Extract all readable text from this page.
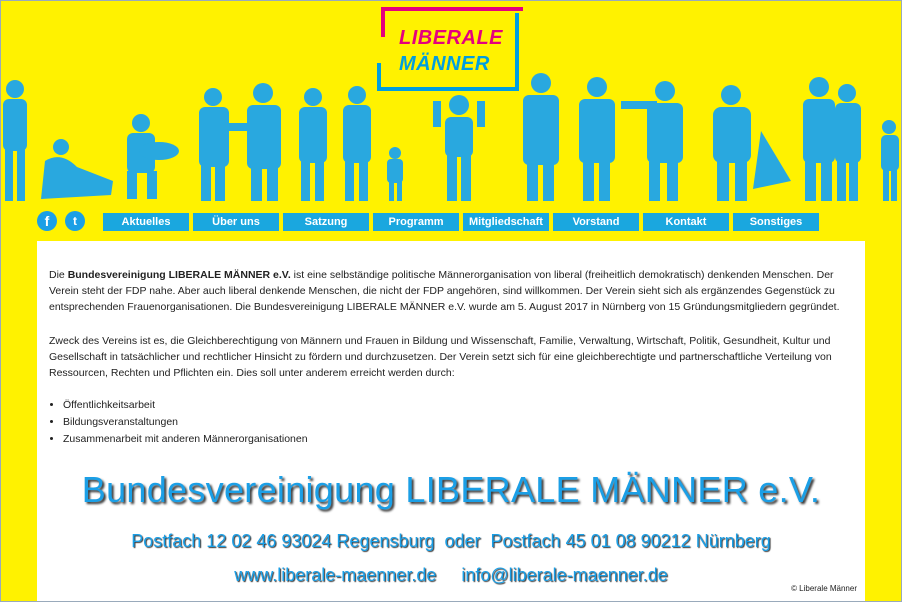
LIBERALE
MÄNNER
f	t	Aktuelles	Über uns	Satzung	Programm	Mitgliedschaft	Vorstand	Kontakt	Sonstiges
Die Bundesvereinigung LIBERALE MÄNNER e.V. ist eine selbständige politische Männerorganisation von liberal (freiheitlich demokratisch) denkenden Menschen. Der Verein steht der FDP nahe. Aber auch liberal denkende Menschen, die nicht der FDP angehören, sind willkommen. Der Verein sieht sich als ergänzendes Gegenstück zu entsprechenden Frauenorganisationen. Die Bundesvereinigung LIBERALE MÄNNER e.V. wurde am 5. August 2017 in Nürnberg von 15 Gründungsmitgliedern gegründet.
Zweck des Vereins ist es, die Gleichberechtigung von Männern und Frauen in Bildung und Wissenschaft, Familie, Verwaltung, Wirtschaft, Politik, Gesundheit, Kultur und Gesellschaft in tatsächlicher und rechtlicher Hinsicht zu fördern und durchzusetzen. Der Verein setzt sich für eine gleichberechtigte und partnerschaftliche Verteilung von Ressourcen, Rechten und Pflichten ein. Dies soll unter anderem erreicht werden durch:
• Öffentlichkeitsarbeit
• Bildungsveranstaltungen
• Zusammenarbeit mit anderen Männerorganisationen
Bundesvereinigung LIBERALE MÄNNER e.V.
Postfach 12 02 46 93024 Regensburg  oder  Postfach 45 01 08 90212 Nürnberg
www.liberale-maenner.de info@liberale-maenner.de
© Liberale Männer
